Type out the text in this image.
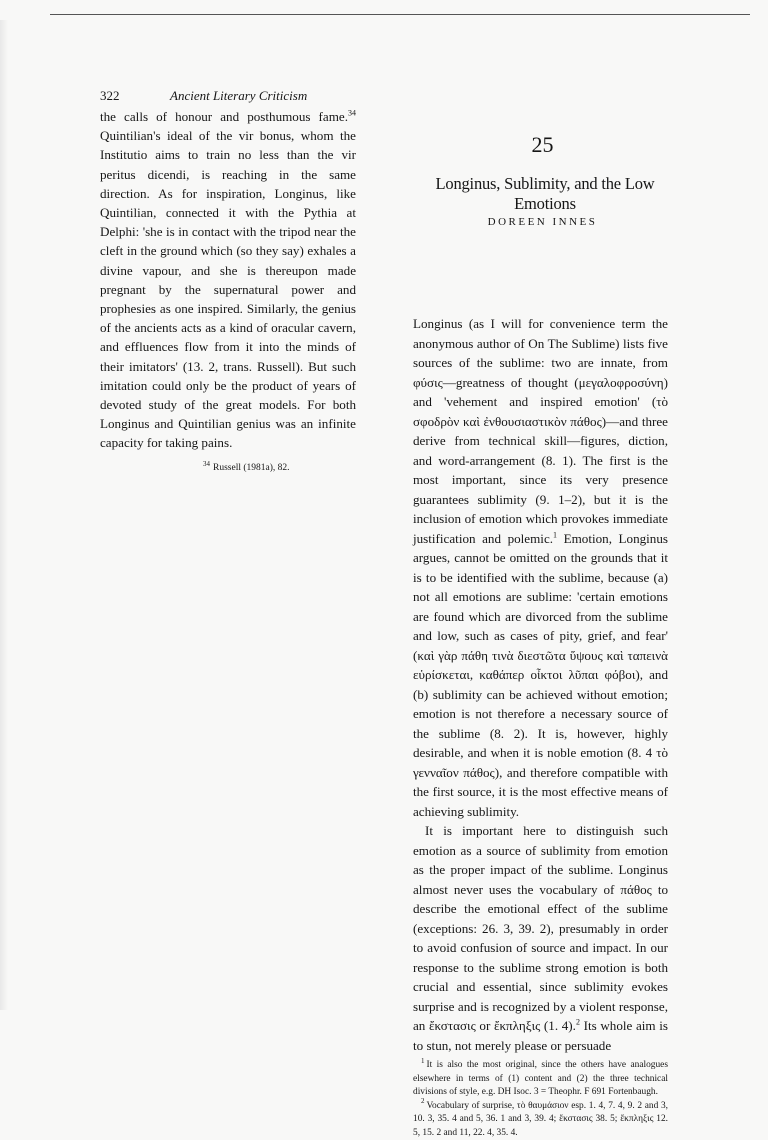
322	Ancient Literary Criticism

the calls of honour and posthumous fame.$^{34}$ Quintilian's ideal of the vir bonus, whom the Institutio aims to train no less than the vir peritus dicendi, is reaching in the same direction. As for inspiration, Longinus, like Quintilian, connected it with the Pythia at Delphi: 'she is in contact with the tripod near the cleft in the ground which (so they say) exhales a divine vapour, and she is thereupon made pregnant by the supernatural power and prophesies as one inspired. Similarly, the genius of the ancients acts as a kind of oracular cavern, and effluences flow from it into the minds of their imitators' (13. 2, trans. Russell). But such imitation could only be the product of years of devoted study of the great models. For both Longinus and Quintilian genius was an infinite capacity for taking pains.

$^{34}$ Russell (1981a), 82.
25
Longinus, Sublimity, and the Low Emotions
DOREEN INNES

Longinus (as I will for convenience term the anonymous author of On The Sublime) lists five sources of the sublime: two are innate, from φύσις—greatness of thought (μεγαλοφροσύνη) and 'vehement and inspired emotion' (τὸ σφοδρὸν καὶ ἐνθουσιαστικὸν πάθος)—and three derive from technical skill—figures, diction, and word-arrangement (8. 1). The first is the most important, since its very presence guarantees sublimity (9. 1–2), but it is the inclusion of emotion which provokes immediate justification and polemic.$^1$ Emotion, Longinus argues, cannot be omitted on the grounds that it is to be identified with the sublime, because (a) not all emotions are sublime: 'certain emotions are found which are divorced from the sublime and low, such as cases of pity, grief, and fear' (καὶ γὰρ πάθη τινὰ διεστῶτα ὕψους καὶ ταπεινὰ εὑρίσκεται, καθάπερ οἶκτοι λῦπαι φόβοι), and (b) sublimity can be achieved without emotion; emotion is not therefore a necessary source of the sublime (8. 2). It is, however, highly desirable, and when it is noble emotion (8. 4 τὸ γενναῖον πάθος), and therefore compatible with the first source, it is the most effective means of achieving sublimity.

It is important here to distinguish such emotion as a source of sublimity from emotion as the proper impact of the sublime. Longinus almost never uses the vocabulary of πάθος to describe the emotional effect of the sublime (exceptions: 26. 3, 39. 2), presumably in order to avoid confusion of source and impact. In our response to the sublime strong emotion is both crucial and essential, since sublimity evokes surprise and is recognized by a violent response, an ἔκστασις or ἔκπληξις (1. 4).$^2$ Its whole aim is to stun, not merely please or persuade

$^1$ It is also the most original, since the others have analogues elsewhere in terms of (1) content and (2) the three technical divisions of style, e.g. DH Isoc. 3 = Theophr. F 691 Fortenbaugh.
$^2$ Vocabulary of surprise, τὸ θαυμάσιον esp. 1. 4, 7. 4, 9. 2 and 3, 10. 3, 35. 4 and 5, 36. 1 and 3, 39. 4; ἔκστασις 38. 5; ἔκπληξις 12. 5, 15. 2 and 11, 22. 4, 35. 4.
